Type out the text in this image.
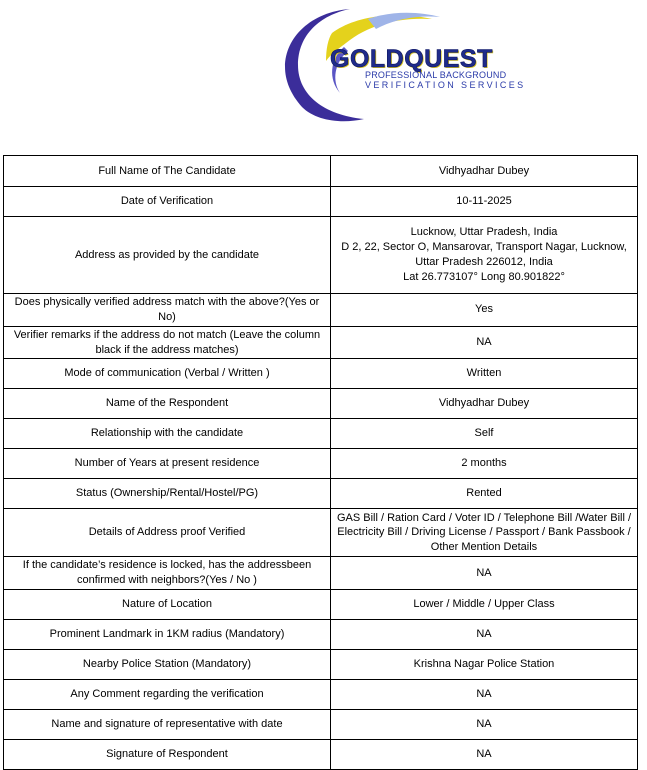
GOLDQUEST
PROFESSIONAL BACKGROUND
VERIFICATION SERVICES
Full Name of The Candidate	Vidhyadhar Dubey

Date of Verification	10-11-2025

Address as provided by the candidate	Lucknow, Uttar Pradesh, India
D 2, 22, Sector O, Mansarovar, Transport Nagar, Lucknow, Uttar Pradesh 226012, India
Lat 26.773107° Long 80.901822°

Does physically verified address match with the above?(Yes or No)	Yes

Verifier remarks if the address do not match (Leave the column black if the address matches)	NA

Mode of communication (Verbal / Written )	Written

Name of the Respondent	Vidhyadhar Dubey

Relationship with the candidate	Self

Number of Years at present residence	2 months

Status (Ownership/Rental/Hostel/PG)	Rented

Details of Address proof Verified	GAS Bill / Ration Card / Voter ID / Telephone Bill /Water Bill / Electricity Bill / Driving License / Passport / Bank Passbook / Other Mention Details

If the candidate’s residence is locked, has the addressbeen confirmed with neighbors?(Yes / No )	NA

Nature of Location	Lower / Middle / Upper Class

Prominent Landmark in 1KM radius (Mandatory)	NA

Nearby Police Station (Mandatory)	Krishna Nagar Police Station

Any Comment regarding the verification	NA

Name and signature of representative with date	NA

Signature of Respondent	NA
